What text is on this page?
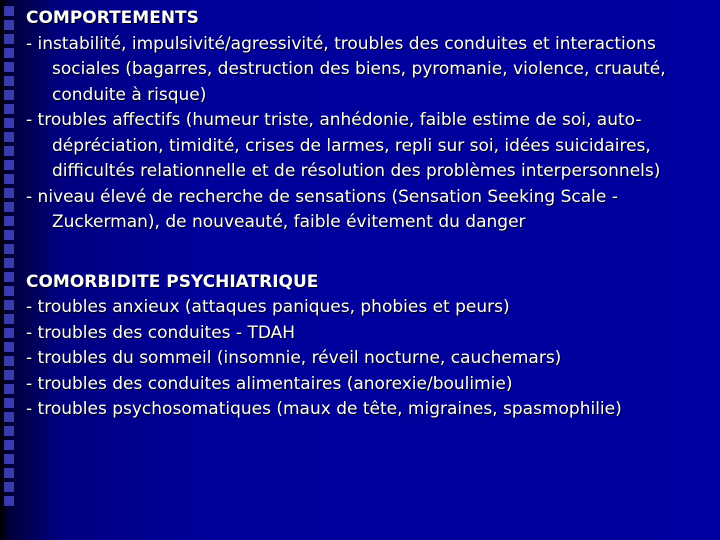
COMPORTEMENTS

- instabilité, impulsivité/agressivité, troubles des conduites et interactions sociales (bagarres, destruction des biens, pyromanie, violence, cruauté, conduite à risque)
- troubles affectifs (humeur triste, anhédonie, faible estime de soi, auto-dépréciation, timidité, crises de larmes, repli sur soi, idées suicidaires, difficultés relationnelle et de résolution des problèmes interpersonnels)
- niveau élevé de recherche de sensations (Sensation Seeking Scale -Zuckerman), de nouveauté, faible évitement du danger

COMORBIDITE PSYCHIATRIQUE

- troubles anxieux (attaques paniques, phobies et peurs)
- troubles des conduites - TDAH
- troubles du sommeil (insomnie, réveil nocturne, cauchemars)
- troubles des conduites alimentaires (anorexie/boulimie)
- troubles psychosomatiques (maux de tête, migraines, spasmophilie)
